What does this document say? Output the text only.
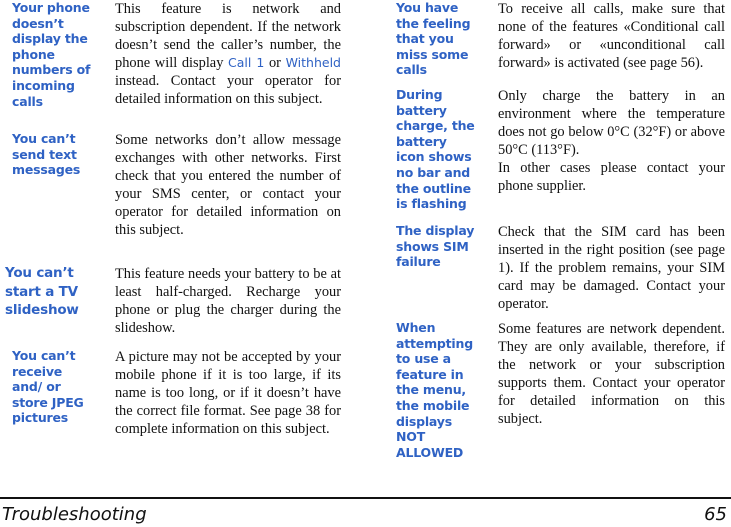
Your phone doesn’t display the phone numbers of incoming calls
This feature is network and subscription dependent. If the network doesn’t send the caller’s number, the phone will display Call 1 or Withheld instead. Contact your operator for detailed information on this subject.
You can’t send text messages
Some networks don’t allow message exchanges with other networks. First check that you entered the number of your SMS center, or contact your operator for detailed information on this subject.
You can’t start a TV slideshow
This feature needs your battery to be at least half-charged. Recharge your phone or plug the charger during the slideshow.
You can’t receive and/ or store JPEG pictures
A picture may not be accepted by your mobile phone if it is too large, if its name is too long, or if it doesn’t have the correct file format. See page 38 for complete information on this subject.
You have the feeling that you miss some calls
To receive all calls, make sure that none of the features «Conditional call forward» or «unconditional call forward» is activated (see page 56).
During battery charge, the battery icon shows no bar and the outline is flashing
Only charge the battery in an environment where the temperature does not go below 0°C (32°F) or above 50°C (113°F).
In other cases please contact your phone supplier.
The display shows SIM failure
Check that the SIM card has been inserted in the right position (see page 1). If the problem remains, your SIM card may be damaged. Contact your operator.
When attempting to use a feature in the menu, the mobile displays NOT ALLOWED
Some features are network dependent. They are only available, therefore, if the network or your subscription supports them. Contact your operator for detailed information on this subject.
Troubleshooting	65
